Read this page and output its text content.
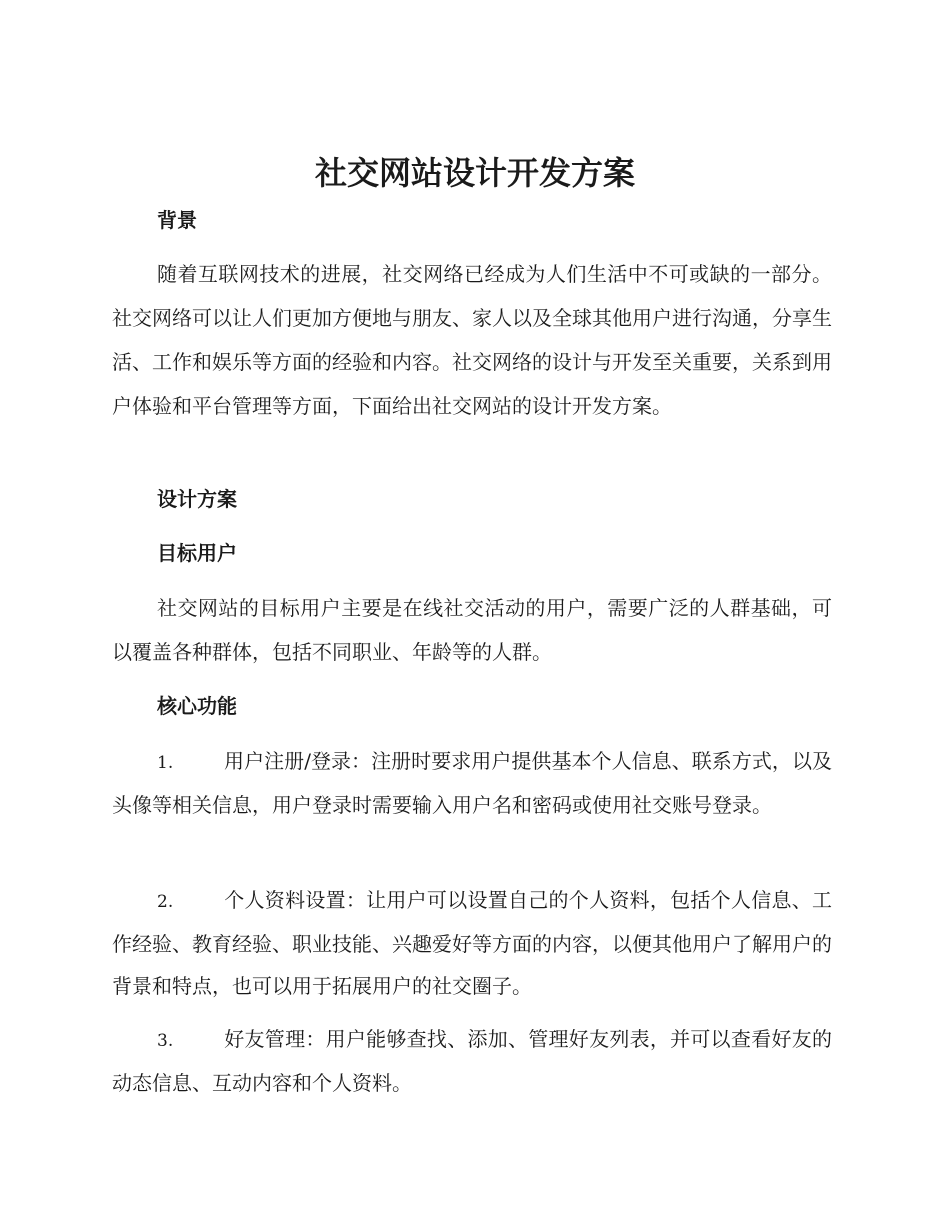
社交网站设计开发方案
背景

随着互联网技术的进展，社交网络已经成为人们生活中不可或缺的一部分。社交网络可以让人们更加方便地与朋友、家人以及全球其他用户进行沟通，分享生活、工作和娱乐等方面的经验和内容。社交网络的设计与开发至关重要，关系到用户体验和平台管理等方面，下面给出社交网站的设计开发方案。

设计方案
目标用户

社交网站的目标用户主要是在线社交活动的用户，需要广泛的人群基础，可以覆盖各种群体，包括不同职业、年龄等的人群。

核心功能

1.	用户注册/登录：注册时要求用户提供基本个人信息、联系方式，以及头像等相关信息，用户登录时需要输入用户名和密码或使用社交账号登录。

2.	个人资料设置：让用户可以设置自己的个人资料，包括个人信息、工作经验、教育经验、职业技能、兴趣爱好等方面的内容，以便其他用户了解用户的背景和特点，也可以用于拓展用户的社交圈子。

3.	好友管理：用户能够查找、添加、管理好友列表，并可以查看好友的动态信息、互动内容和个人资料。
